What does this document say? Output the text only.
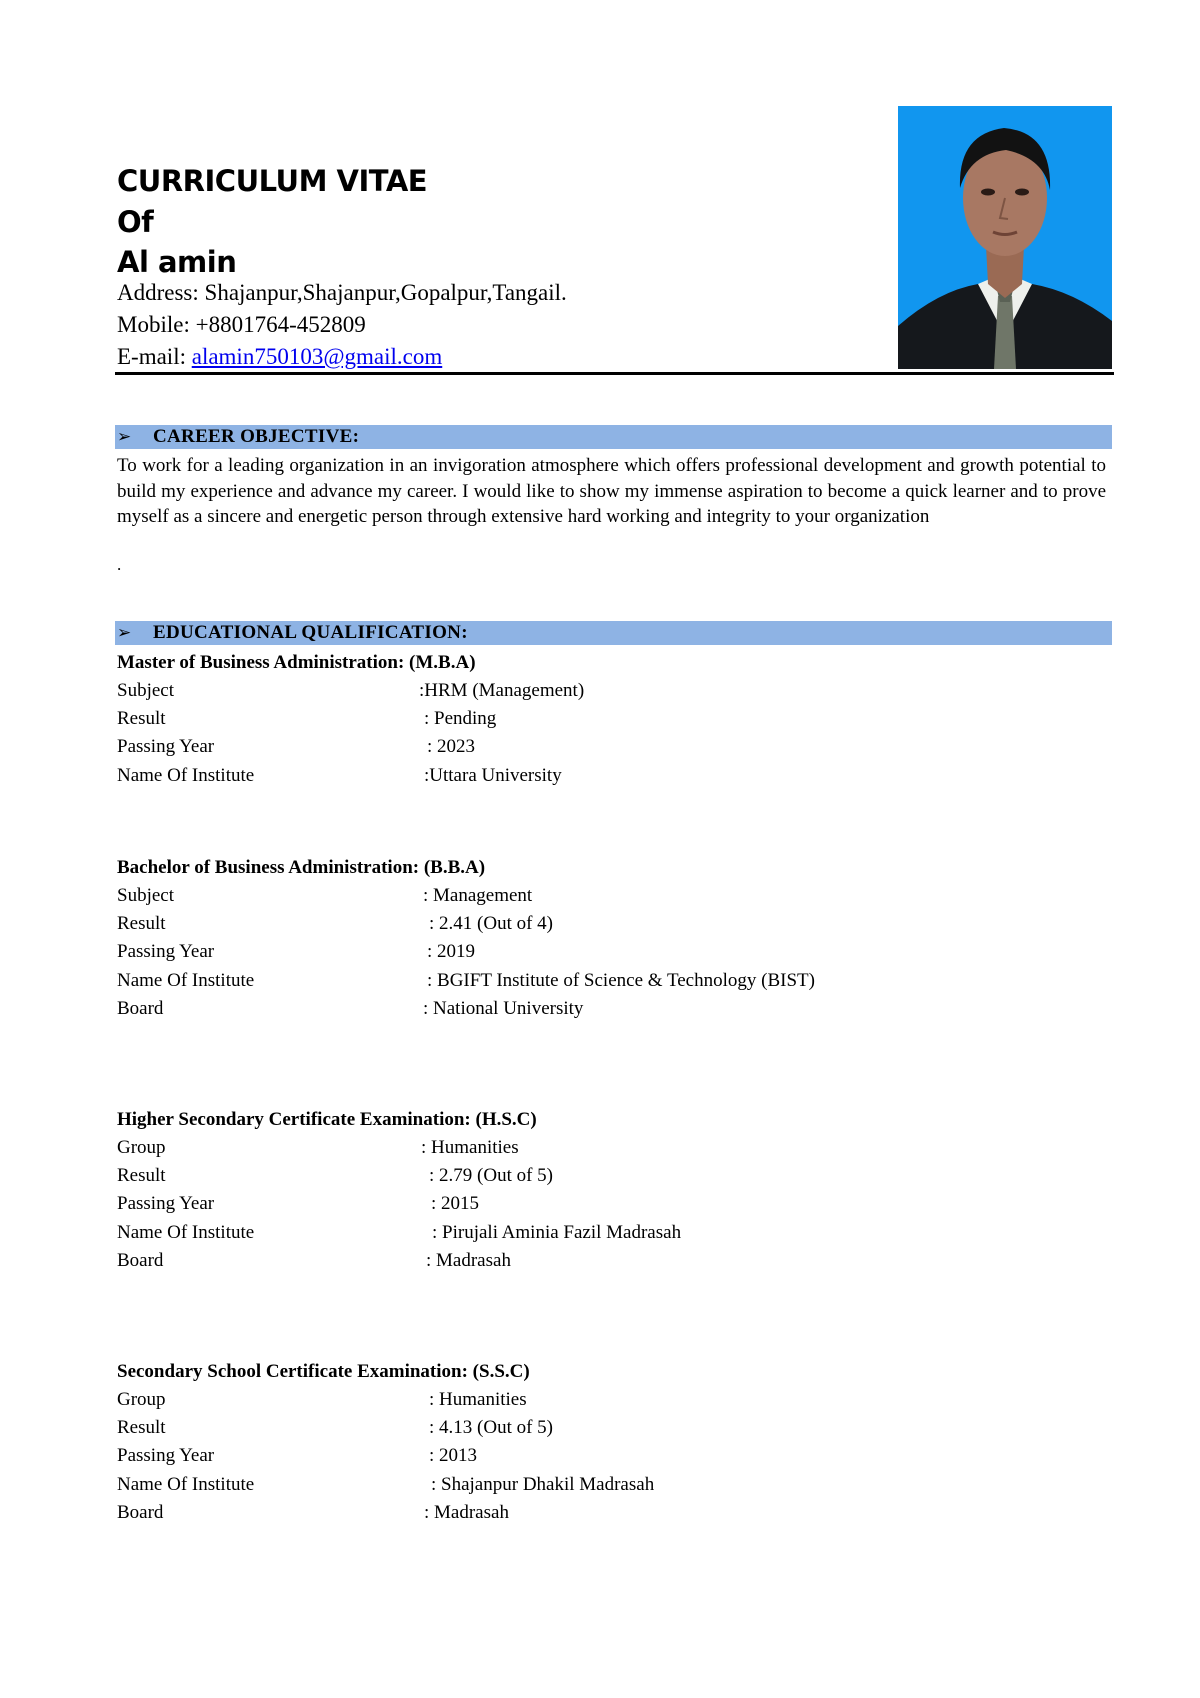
CURRICULUM VITAE
Of
Al amin
Address: Shajanpur,Shajanpur,Gopalpur,Tangail.
Mobile: +8801764-452809
E-mail: alamin750103@gmail.com
➢ CAREER OBJECTIVE:
To work for a leading organization in an invigoration atmosphere which offers professional development and growth potential to build my experience and advance my career. I would like to show my immense aspiration to become a quick learner and to prove myself as a sincere and energetic person through extensive hard working and integrity to your organization
.
➢ EDUCATIONAL QUALIFICATION:
Master of Business Administration: (M.B.A)
Subject	:HRM (Management)
Result	: Pending
Passing Year	: 2023
Name Of Institute	:Uttara University
Bachelor of Business Administration: (B.B.A)
Subject	: Management
Result	: 2.41 (Out of 4)
Passing Year	: 2019
Name Of Institute	: BGIFT Institute of Science & Technology (BIST)
Board	: National University
Higher Secondary Certificate Examination: (H.S.C)
Group	: Humanities
Result	: 2.79 (Out of 5)
Passing Year	: 2015
Name Of Institute	: Pirujali Aminia Fazil Madrasah
Board	: Madrasah
Secondary School Certificate Examination: (S.S.C)
Group	: Humanities
Result	: 4.13 (Out of 5)
Passing Year	: 2013
Name Of Institute	: Shajanpur Dhakil Madrasah
Board	: Madrasah
